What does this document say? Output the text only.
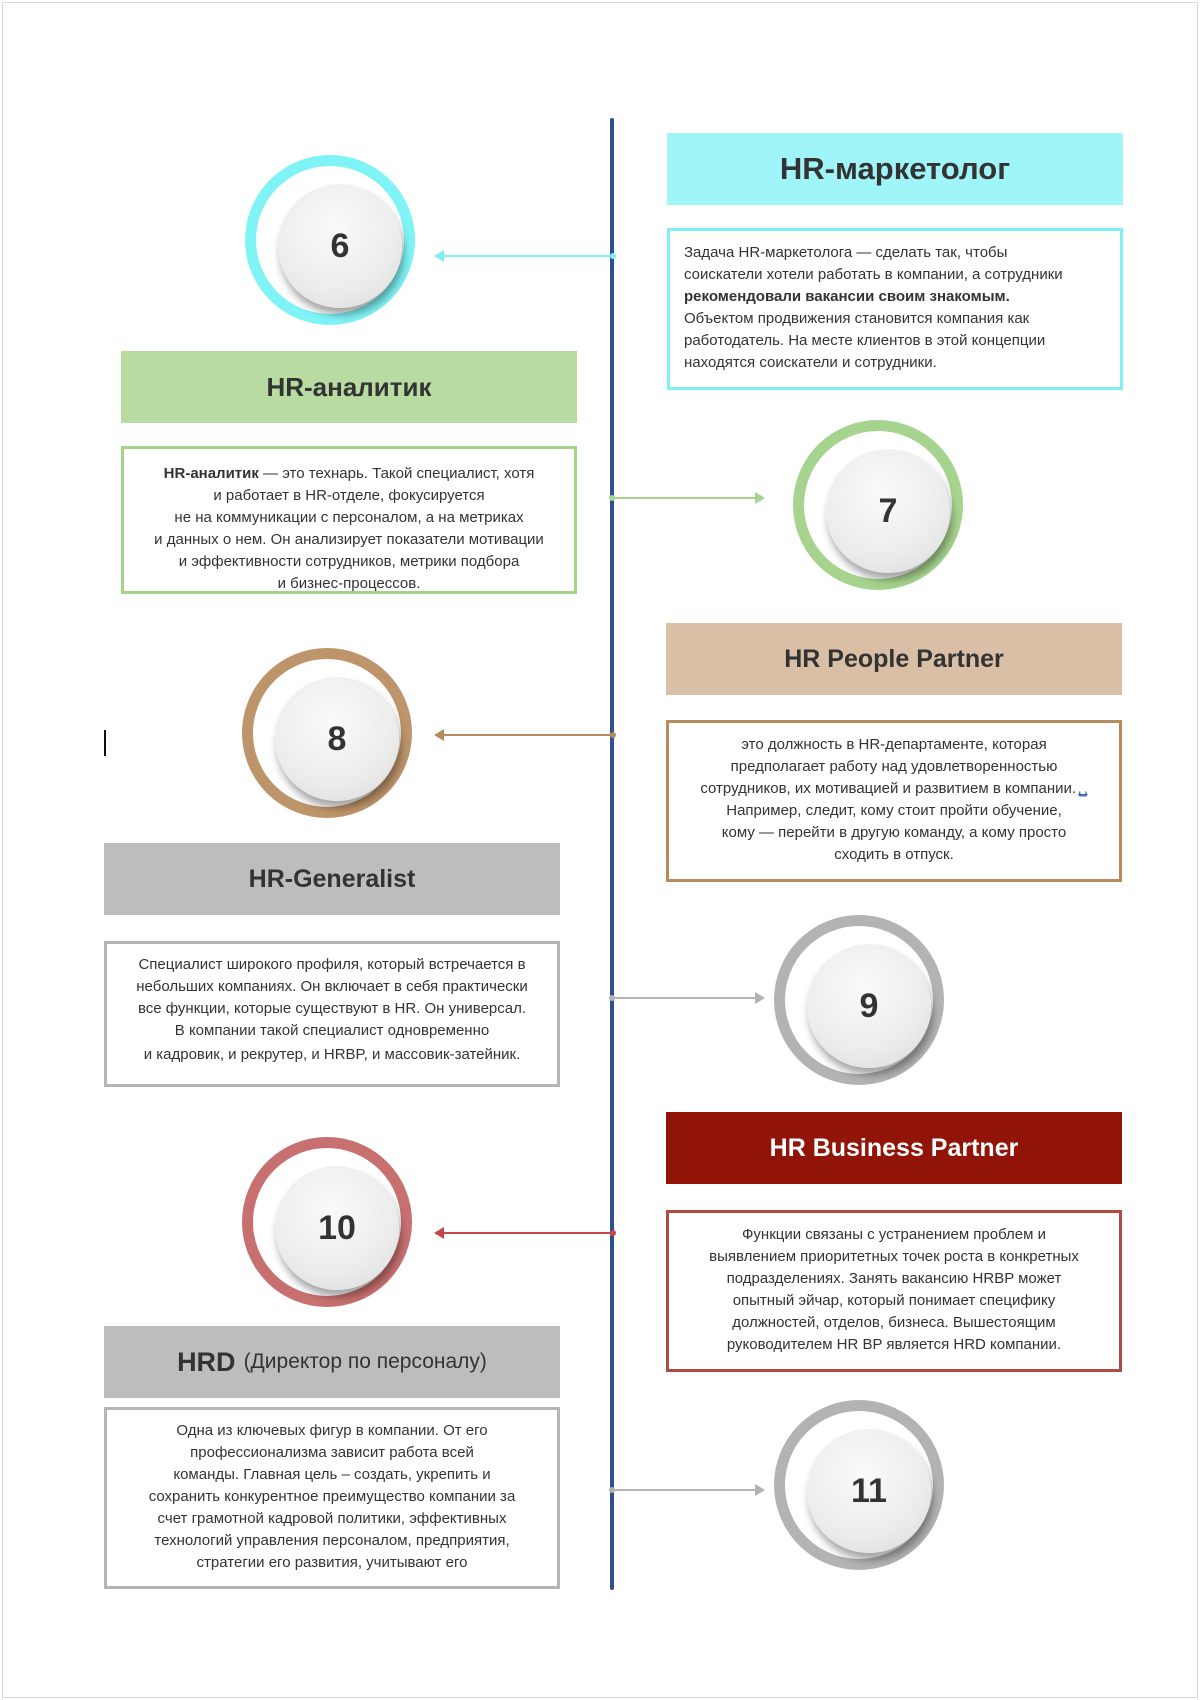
HR-маркетолог
Задача HR-маркетолога — сделать так, чтобы
соискатели хотели работать в компании, а сотрудники
рекомендовали вакансии своим знакомым.
Объектом продвижения становится компания как
работодатель. На месте клиентов в этой концепции
находятся соискатели и сотрудники.
6
HR-аналитик
HR-аналитик — это технарь. Такой специалист, хотя
и работает в HR-отделе, фокусируется
не на коммуникации с персоналом, а на метриках
и данных о нем. Он анализирует показатели мотивации
и эффективности сотрудников, метрики подбора
и бизнес-процессов.
7
HR People Partner
это должность в HR-департаменте, которая
предполагает работу над удовлетворенностью
сотрудников, их мотивацией и развитием в компании. ␣
Например, следит, кому стоит пройти обучение,
кому — перейти в другую команду, а кому просто
сходить в отпуск.
8
HR-Generalist
Специалист широкого профиля, который встречается в
небольших компаниях. Он включает в себя практически
все функции, которые существуют в HR. Он универсал.
В компании такой специалист одновременно
и кадровик, и рекрутер, и HRBP, и массовик-затейник.
9
HR Business Partner
Функции связаны с устранением проблем и
выявлением приоритетных точек роста в конкретных
подразделениях. Занять вакансию HRBP может
опытный эйчар, который понимает специфику
должностей, отделов, бизнеса. Вышестоящим
руководителем HR BP является HRD компании.
10
HRD (Директор по персоналу)
Одна из ключевых фигур в компании. От его
профессионализма зависит работа всей
команды. Главная цель – создать, укрепить и
сохранить конкурентное преимущество компании за
счет грамотной кадровой политики, эффективных
технологий управления персоналом, предприятия,
стратегии его развития, учитывают его
11
